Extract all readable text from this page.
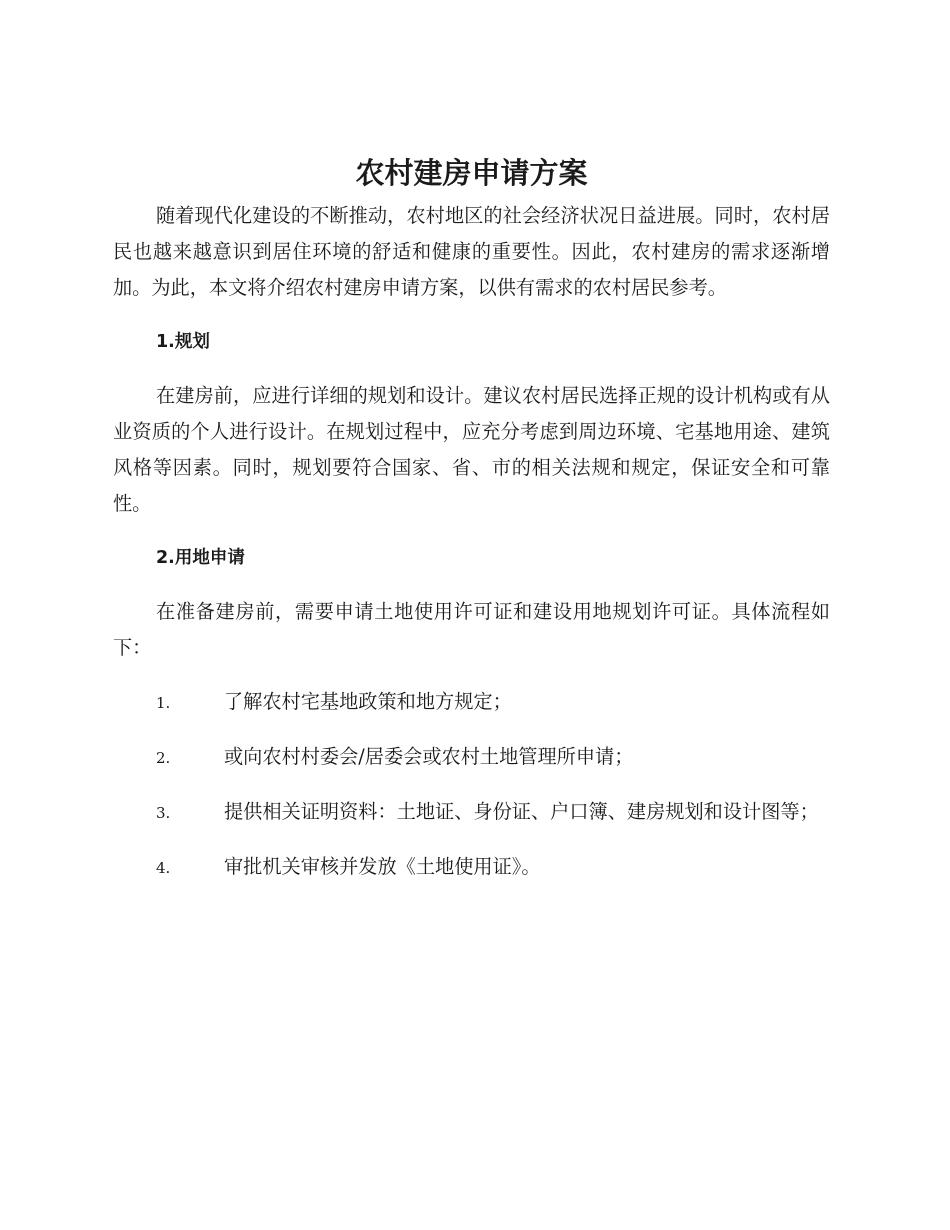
农村建房申请方案

随着现代化建设的不断推动，农村地区的社会经济状况日益进展。同时，农村居民也越来越意识到居住环境的舒适和健康的重要性。因此，农村建房的需求逐渐增加。为此，本文将介绍农村建房申请方案，以供有需求的农村居民参考。

1.规划

在建房前，应进行详细的规划和设计。建议农村居民选择正规的设计机构或有从业资质的个人进行设计。在规划过程中，应充分考虑到周边环境、宅基地用途、建筑风格等因素。同时，规划要符合国家、省、市的相关法规和规定，保证安全和可靠性。

2.用地申请

在准备建房前，需要申请土地使用许可证和建设用地规划许可证。具体流程如下：

1.	了解农村宅基地政策和地方规定；
2.	或向农村村委会/居委会或农村土地管理所申请；
3.	提供相关证明资料：土地证、身份证、户口簿、建房规划和设计图等；
4.	审批机关审核并发放《土地使用证》。
